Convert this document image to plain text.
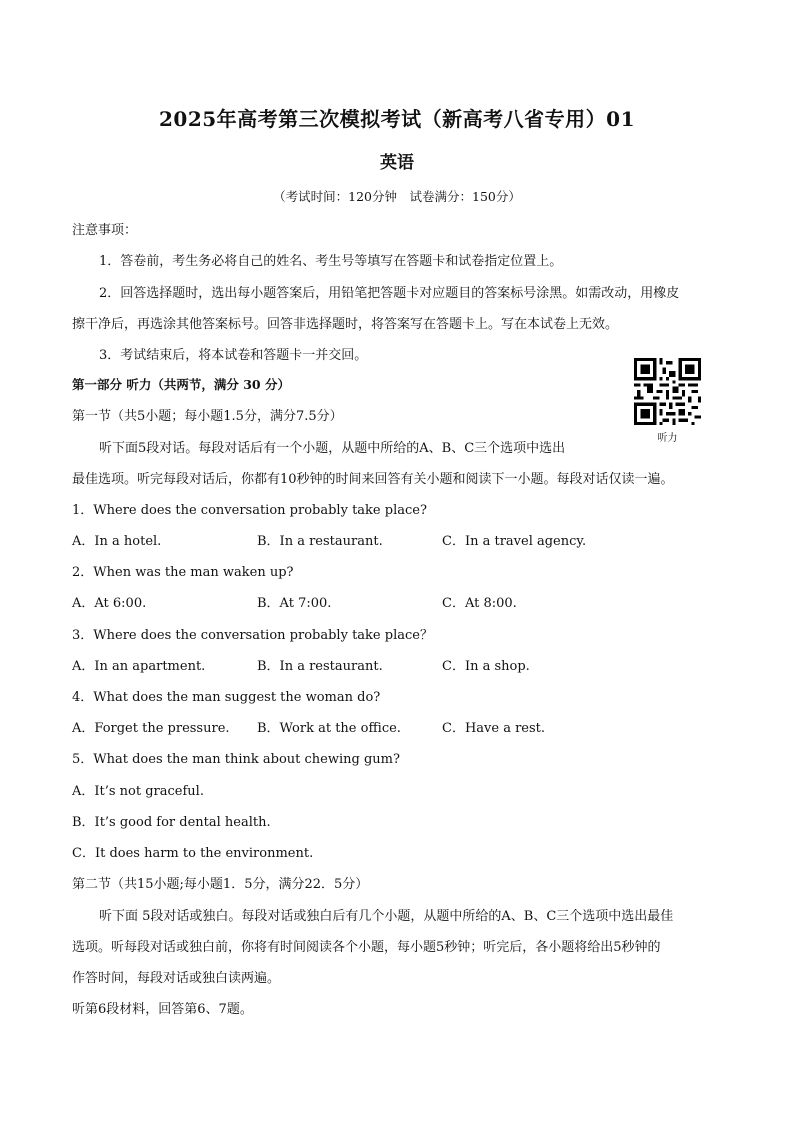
2025年高考第三次模拟考试（新高考八省专用）01
英语
（考试时间：120分钟　试卷满分：150分）
注意事项：
1．答卷前，考生务必将自己的姓名、考生号等填写在答题卡和试卷指定位置上。
2．回答选择题时，选出每小题答案后，用铅笔把答题卡对应题目的答案标号涂黑。如需改动，用橡皮
擦干净后，再选涂其他答案标号。回答非选择题时，将答案写在答题卡上。写在本试卷上无效。
3．考试结束后，将本试卷和答题卡一并交回。
第一部分 听力（共两节，满分 30 分）
第一节（共5小题；每小题1.5分，满分7.5分）
听下面5段对话。每段对话后有一个小题，从题中所给的A、B、C三个选项中选出
最佳选项。听完每段对话后，你都有10秒钟的时间来回答有关小题和阅读下一小题。每段对话仅读一遍。
听力
1．Where does the conversation probably take place?
A．In a hotel.	B．In a restaurant.	C．In a travel agency.
2．When was the man waken up?
A．At 6:00.	B．At 7:00.	C．At 8:00.
3．Where does the conversation probably take place？
A．In an apartment.	B．In a restaurant.	C．In a shop.
4．What does the man suggest the woman do?
A．Forget the pressure. B．Work at the office.	C．Have a rest.
5．What does the man think about chewing gum?
A．It’s not graceful.
B．It’s good for dental health.
C．It does harm to the environment.
第二节（共15小题;每小题1．5分，满分22．5分）
听下面 5段对话或独白。每段对话或独白后有几个小题，从题中所给的A、B、C三个选项中选出最佳
选项。听每段对话或独白前，你将有时间阅读各个小题，每小题5秒钟；听完后，各小题将给出5秒钟的
作答时间，每段对话或独白读两遍。
听第6段材料，回答第6、7题。
